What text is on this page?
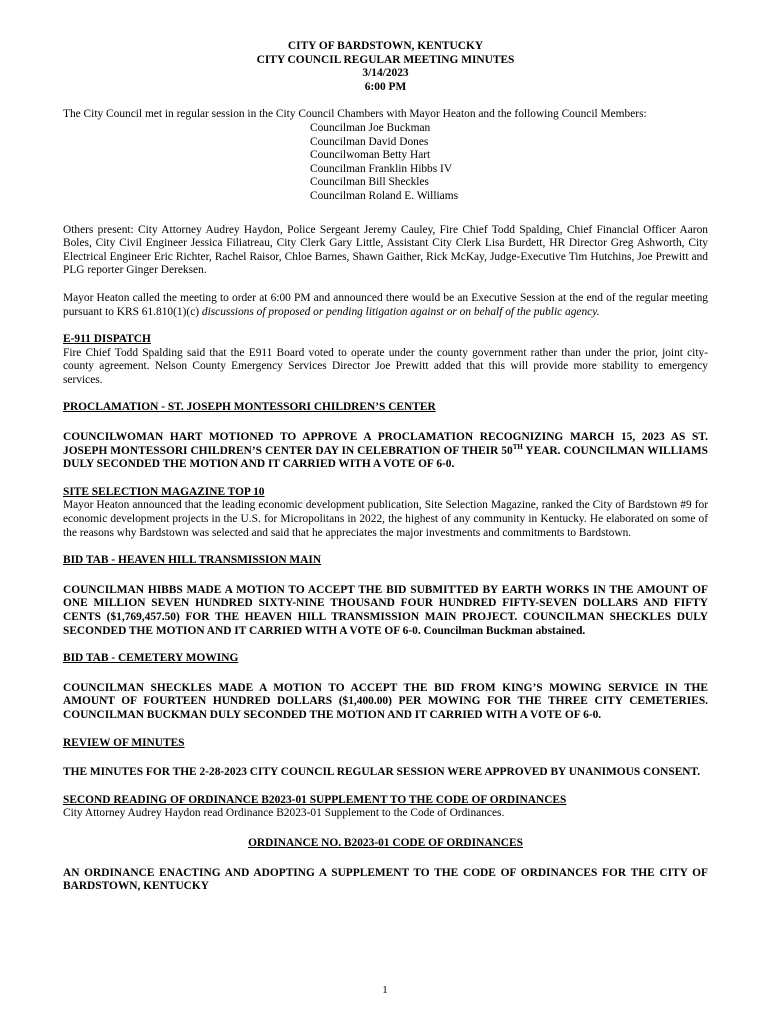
CITY OF BARDSTOWN, KENTUCKY
CITY COUNCIL REGULAR MEETING MINUTES
3/14/2023
6:00 PM

The City Council met in regular session in the City Council Chambers with Mayor Heaton and the following Council Members:

Councilman Joe Buckman
Councilman David Dones
Councilwoman Betty Hart
Councilman Franklin Hibbs IV
Councilman Bill Sheckles
Councilman Roland E. Williams

Others present: City Attorney Audrey Haydon, Police Sergeant Jeremy Cauley, Fire Chief Todd Spalding, Chief Financial Officer Aaron Boles, City Civil Engineer Jessica Filiatreau, City Clerk Gary Little, Assistant City Clerk Lisa Burdett, HR Director Greg Ashworth, City Electrical Engineer Eric Richter, Rachel Raisor, Chloe Barnes, Shawn Gaither, Rick McKay, Judge-Executive Tim Hutchins, Joe Prewitt and PLG reporter Ginger Dereksen.

Mayor Heaton called the meeting to order at 6:00 PM and announced there would be an Executive Session at the end of the regular meeting pursuant to KRS 61.810(1)(c) discussions of proposed or pending litigation against or on behalf of the public agency.

E-911 DISPATCH

Fire Chief Todd Spalding said that the E911 Board voted to operate under the county government rather than under the prior, joint city-county agreement. Nelson County Emergency Services Director Joe Prewitt added that this will provide more stability to emergency services.

PROCLAMATION - ST. JOSEPH MONTESSORI CHILDREN’S CENTER

COUNCILWOMAN HART MOTIONED TO APPROVE A PROCLAMATION RECOGNIZING MARCH 15, 2023 AS ST. JOSEPH MONTESSORI CHILDREN’S CENTER DAY IN CELEBRATION OF THEIR 50TH YEAR. COUNCILMAN WILLIAMS DULY SECONDED THE MOTION AND IT CARRIED WITH A VOTE OF 6-0.

SITE SELECTION MAGAZINE TOP 10

Mayor Heaton announced that the leading economic development publication, Site Selection Magazine, ranked the City of Bardstown #9 for economic development projects in the U.S. for Micropolitans in 2022, the highest of any community in Kentucky. He elaborated on some of the reasons why Bardstown was selected and said that he appreciates the major investments and commitments to Bardstown.

BID TAB - HEAVEN HILL TRANSMISSION MAIN

COUNCILMAN HIBBS MADE A MOTION TO ACCEPT THE BID SUBMITTED BY EARTH WORKS IN THE AMOUNT OF ONE MILLION SEVEN HUNDRED SIXTY-NINE THOUSAND FOUR HUNDRED FIFTY-SEVEN DOLLARS AND FIFTY CENTS ($1,769,457.50) FOR THE HEAVEN HILL TRANSMISSION MAIN PROJECT. COUNCILMAN SHECKLES DULY SECONDED THE MOTION AND IT CARRIED WITH A VOTE OF 6-0. Councilman Buckman abstained.

BID TAB - CEMETERY MOWING

COUNCILMAN SHECKLES MADE A MOTION TO ACCEPT THE BID FROM KING’S MOWING SERVICE IN THE AMOUNT OF FOURTEEN HUNDRED DOLLARS ($1,400.00) PER MOWING FOR THE THREE CITY CEMETERIES. COUNCILMAN BUCKMAN DULY SECONDED THE MOTION AND IT CARRIED WITH A VOTE OF 6-0.

REVIEW OF MINUTES

THE MINUTES FOR THE 2-28-2023 CITY COUNCIL REGULAR SESSION WERE APPROVED BY UNANIMOUS CONSENT.

SECOND READING OF ORDINANCE B2023-01 SUPPLEMENT TO THE CODE OF ORDINANCES

City Attorney Audrey Haydon read Ordinance B2023-01 Supplement to the Code of Ordinances.

ORDINANCE NO. B2023-01 CODE OF ORDINANCES

AN ORDINANCE ENACTING AND ADOPTING A SUPPLEMENT TO THE CODE OF ORDINANCES FOR THE CITY OF BARDSTOWN, KENTUCKY

1
